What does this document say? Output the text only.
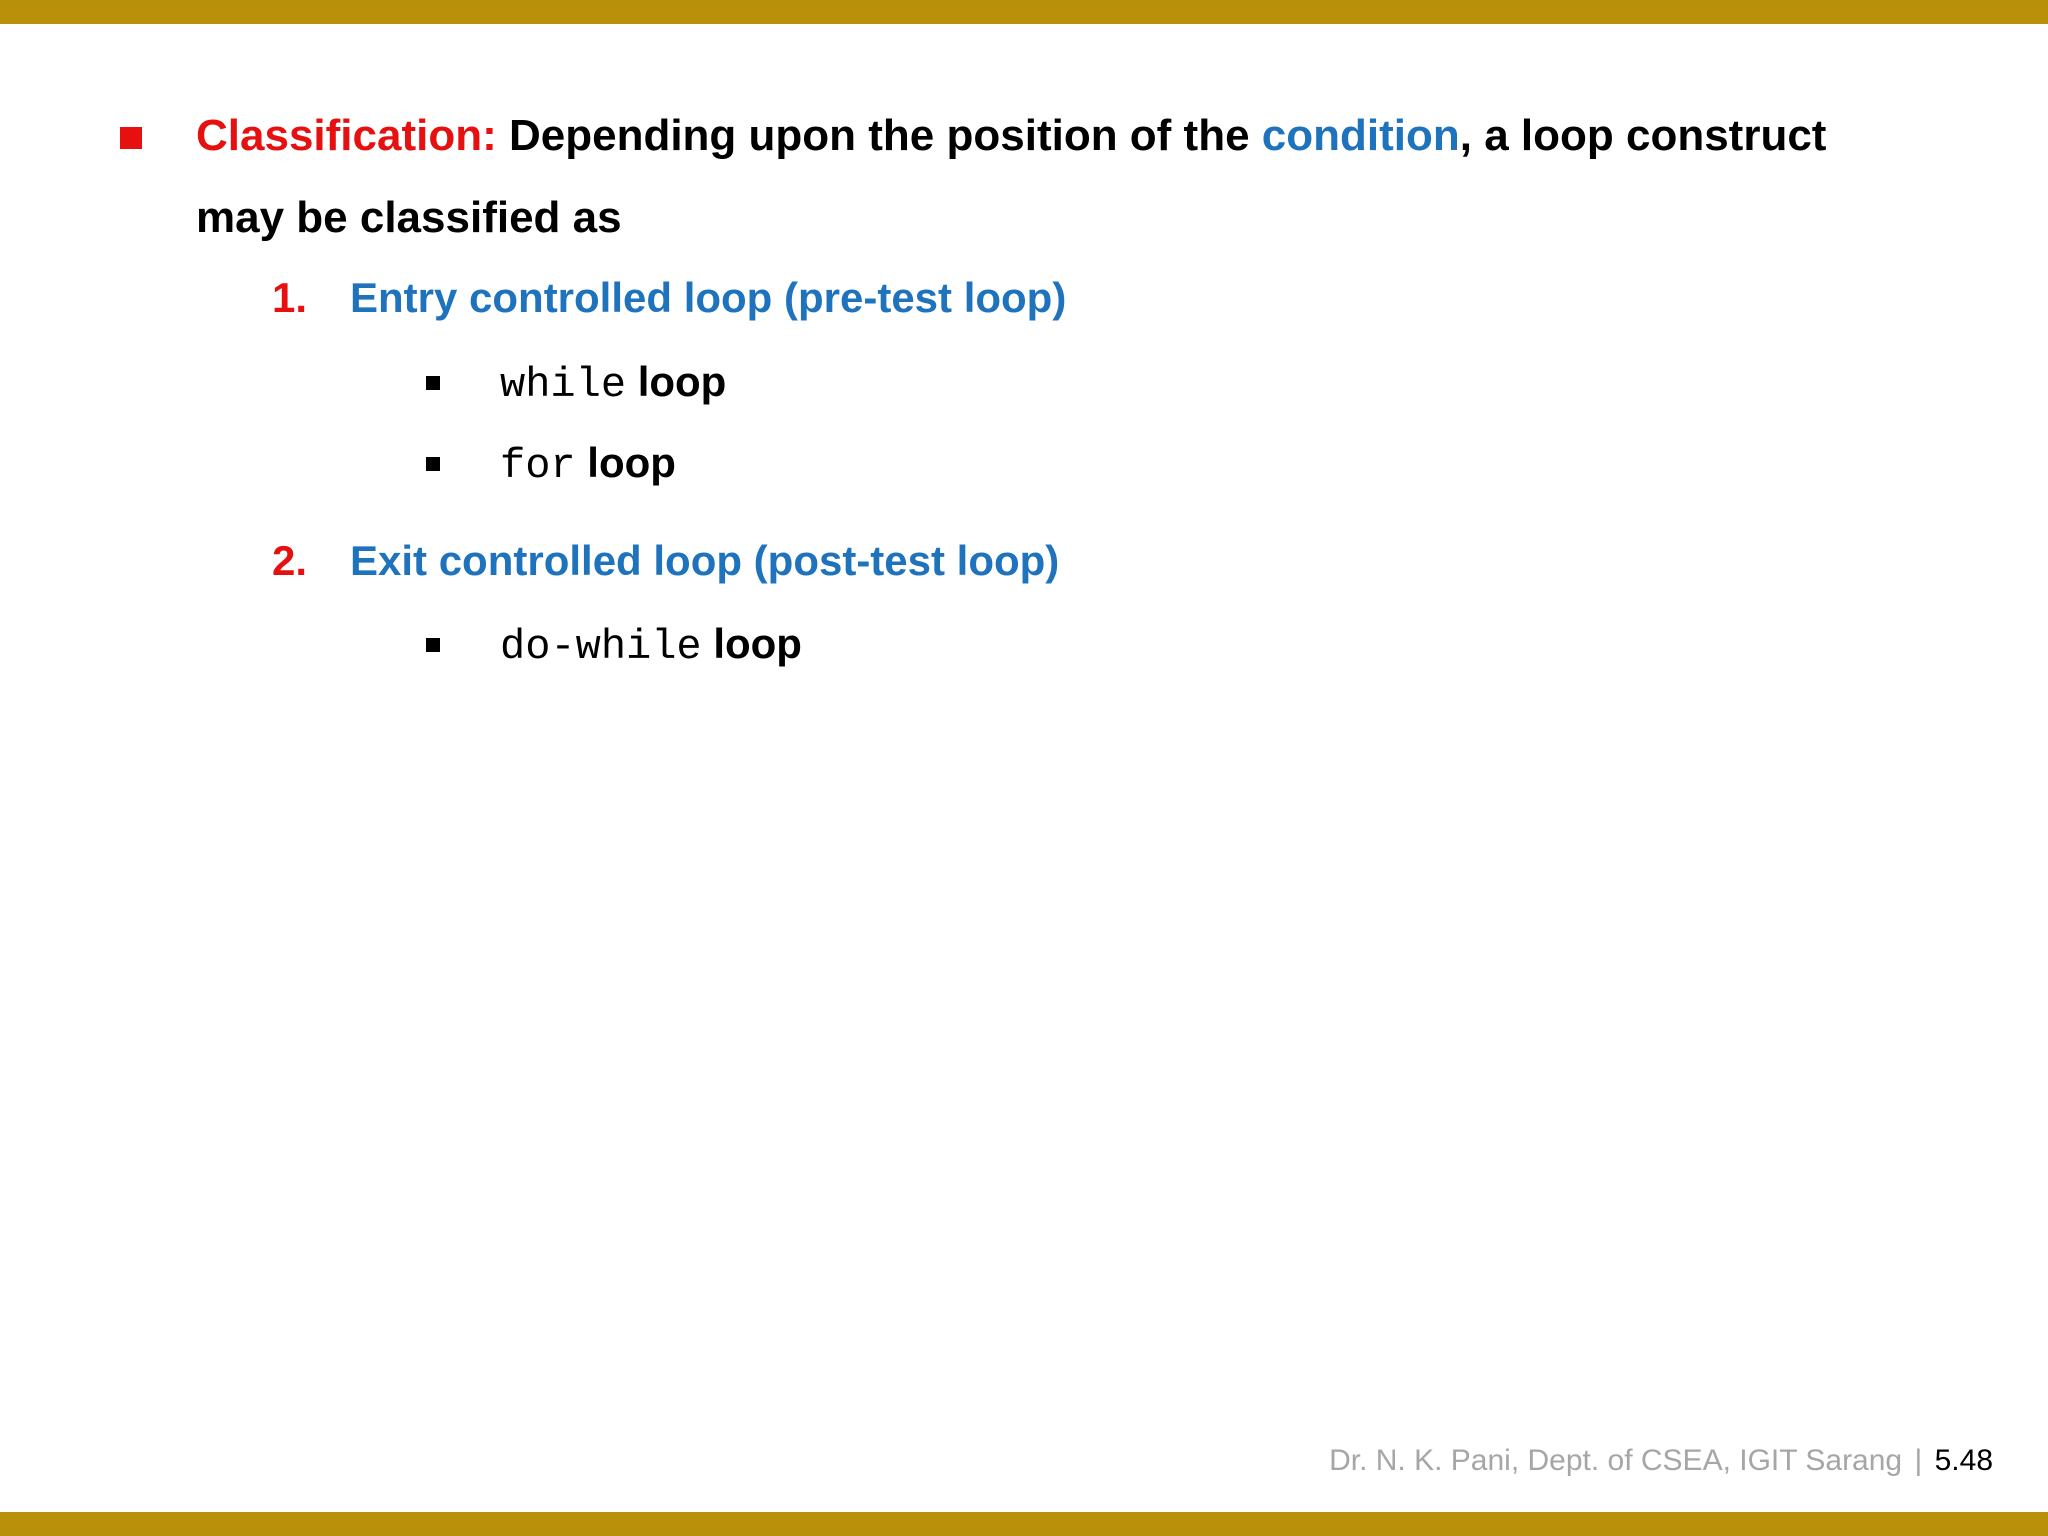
Classification: Depending upon the position of the condition, a loop construct
may be classified as
1. Entry controlled loop (pre-test loop)
while loop
for loop
2. Exit controlled loop (post-test loop)
do-while loop
Dr. N. K. Pani, Dept. of CSEA, IGIT Sarang | 5.48
